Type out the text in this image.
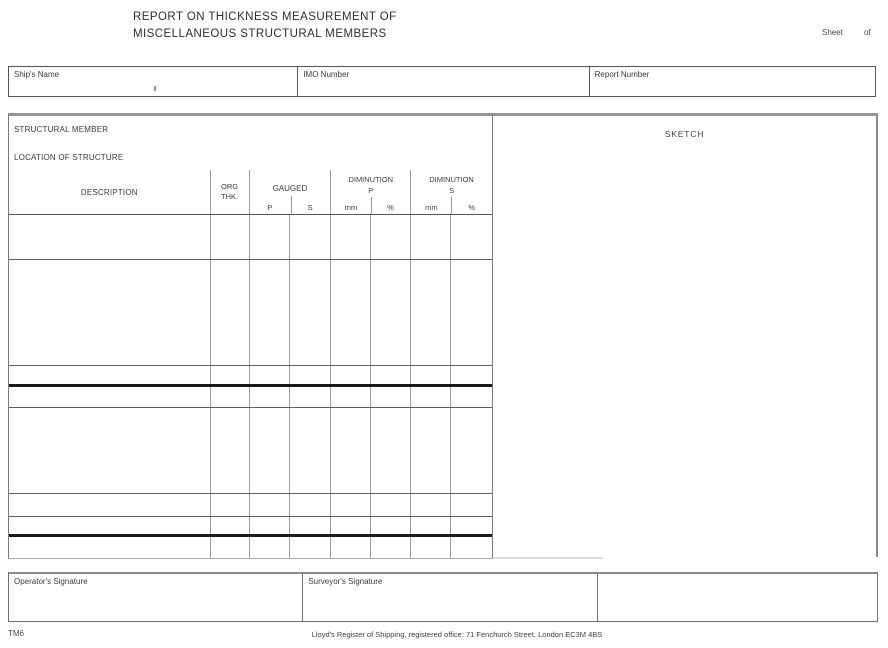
REPORT ON THICKNESS MEASUREMENT OF
MISCELLANEOUS STRUCTURAL MEMBERS	Sheet	of
Ship's Name	IMO Number	Report Number
STRUCTURAL MEMBER
LOCATION OF STRUCTURE
DESCRIPTION
ORG
THK.
GAUGED
P	S
DIMINUTION
P
mm	%
DIMINUTION
S
mm	%
SKETCH
Operator's Signature	Surveyor's Signature
TM6	Lloyd's Register of Shipping, registered office: 71 Fenchurch Street, London EC3M 4BS
